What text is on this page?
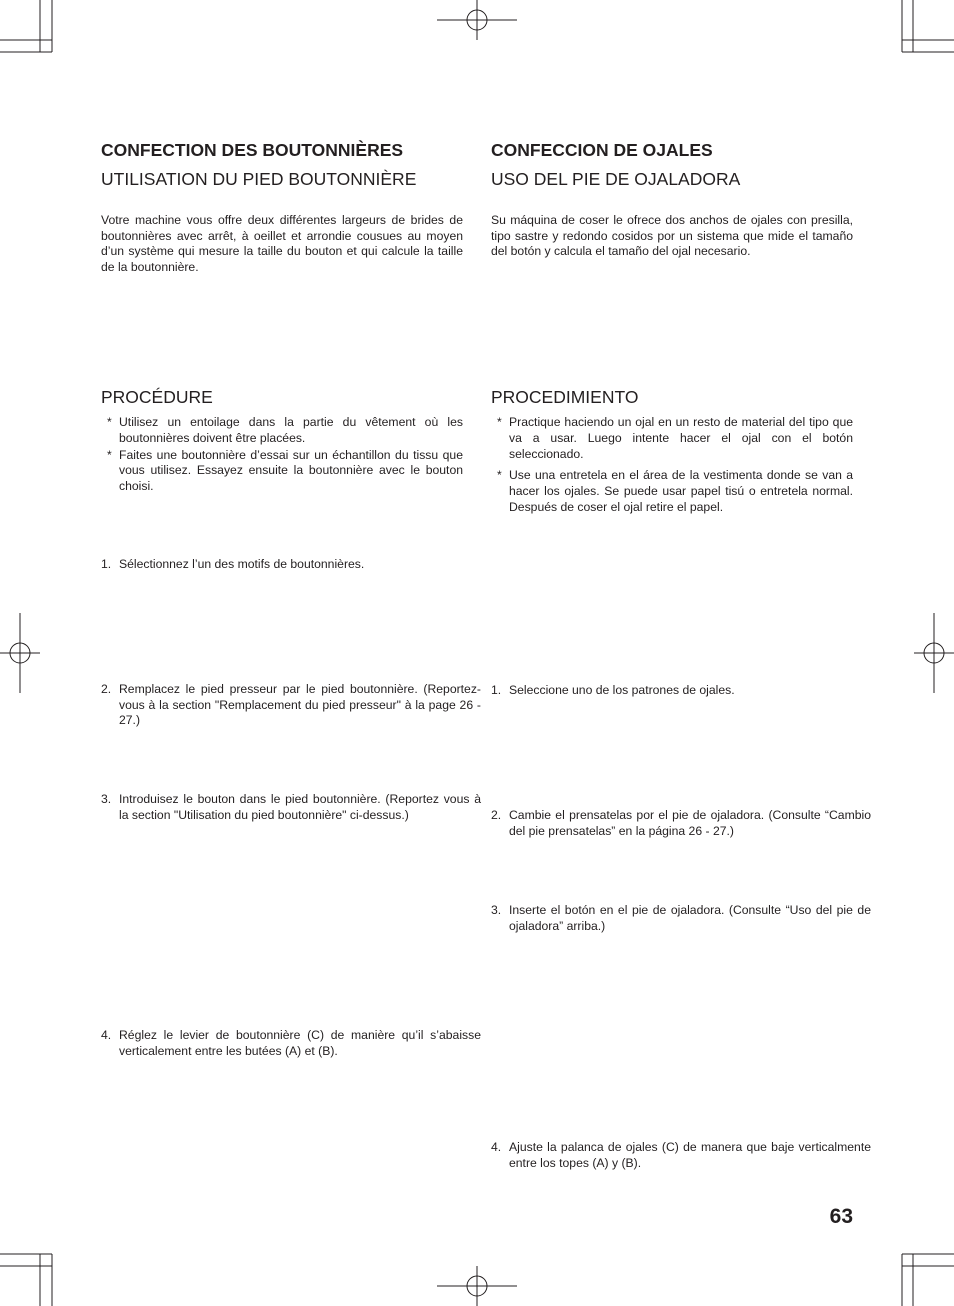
CONFECTION DES BOUTONNIÈRES
UTILISATION DU PIED BOUTONNIÈRE

Votre machine vous offre deux différentes largeurs de brides de boutonnières avec arrêt, à oeillet et arrondie cousues au moyen d’un système qui mesure la taille du bouton et qui calcule la taille de la boutonnière.

PROCÉDURE

* Utilisez un entoilage dans la partie du vêtement où les boutonnières doivent être placées.

* Faites une boutonnière d’essai sur un échantillon du tissu que vous utilisez. Essayez ensuite la boutonnière avec le bouton choisi.

1. Sélectionnez l’un des motifs de boutonnières.

2. Remplacez le pied presseur par le pied boutonnière. (Reportez-vous à la section "Remplacement du pied presseur" à la page 26 - 27.)

3. Introduisez le bouton dans le pied boutonnière. (Reportez vous à la section "Utilisation du pied boutonnière" ci-dessus.)

4. Réglez le levier de boutonnière (C) de manière qu’il s’abaisse verticalement entre les butées (A) et (B).

CONFECCION DE OJALES
USO DEL PIE DE OJALADORA

Su máquina de coser le ofrece dos anchos de ojales con presilla, tipo sastre y redondo cosidos por un sistema que mide el tamaño del botón y calcula el tamaño del ojal necesario.

PROCEDIMIENTO

* Practique haciendo un ojal en un resto de material del tipo que va a usar. Luego intente hacer el ojal con el botón seleccionado.

* Use una entretela en el área de la vestimenta donde se van a hacer los ojales. Se puede usar papel tisú o entretela normal. Después de coser el ojal retire el papel.

1. Seleccione uno de los patrones de ojales.

2. Cambie el prensatelas por el pie de ojaladora. (Consulte “Cambio del pie prensatelas” en la página 26 - 27.)

3. Inserte el botón en el pie de ojaladora. (Consulte “Uso del pie de ojaladora” arriba.)

4. Ajuste la palanca de ojales (C) de manera que baje verticalmente entre los topes (A) y (B).

63
